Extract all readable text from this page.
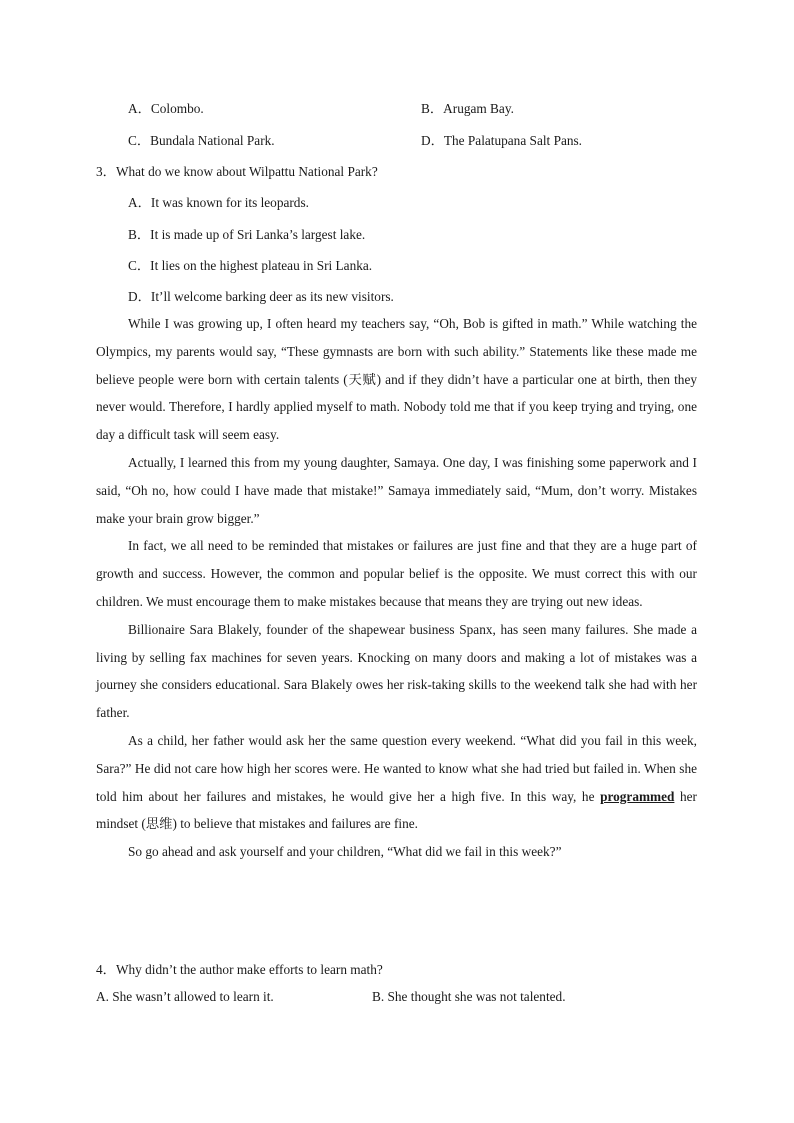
A．Colombo.	B．Arugam Bay.
C．Bundala National Park.	D．The Palatupana Salt Pans.
3．What do we know about Wilpattu National Park?
A．It was known for its leopards.
B．It is made up of Sri Lanka’s largest lake.
C．It lies on the highest plateau in Sri Lanka.
D．It’ll welcome barking deer as its new visitors.

While I was growing up, I often heard my teachers say, “Oh, Bob is gifted in math.” While watching the Olympics, my parents would say, “These gymnasts are born with such ability.” Statements like these made me believe people were born with certain talents (天赋) and if they didn’t have a particular one at birth, then they never would. Therefore, I hardly applied myself to math. Nobody told me that if you keep trying and trying, one day a difficult task will seem easy.

Actually, I learned this from my young daughter, Samaya. One day, I was finishing some paperwork and I said, “Oh no, how could I have made that mistake!” Samaya immediately said, “Mum, don’t worry. Mistakes make your brain grow bigger.”

In fact, we all need to be reminded that mistakes or failures are just fine and that they are a huge part of growth and success. However, the common and popular belief is the opposite. We must correct this with our children. We must encourage them to make mistakes because that means they are trying out new ideas.

Billionaire Sara Blakely, founder of the shapewear business Spanx, has seen many failures. She made a living by selling fax machines for seven years. Knocking on many doors and making a lot of mistakes was a journey she considers educational. Sara Blakely owes her risk-taking skills to the weekend talk she had with her father.

As a child, her father would ask her the same question every weekend. “What did you fail in this week, Sara?” He did not care how high her scores were. He wanted to know what she had tried but failed in. When she told him about her failures and mistakes, he would give her a high five. In this way, he programmed her mindset (思维) to believe that mistakes and failures are fine.

So go ahead and ask yourself and your children, “What did we fail in this week?”

4．Why didn’t the author make efforts to learn math?
A. She wasn’t allowed to learn it.	B. She thought she was not talented.
